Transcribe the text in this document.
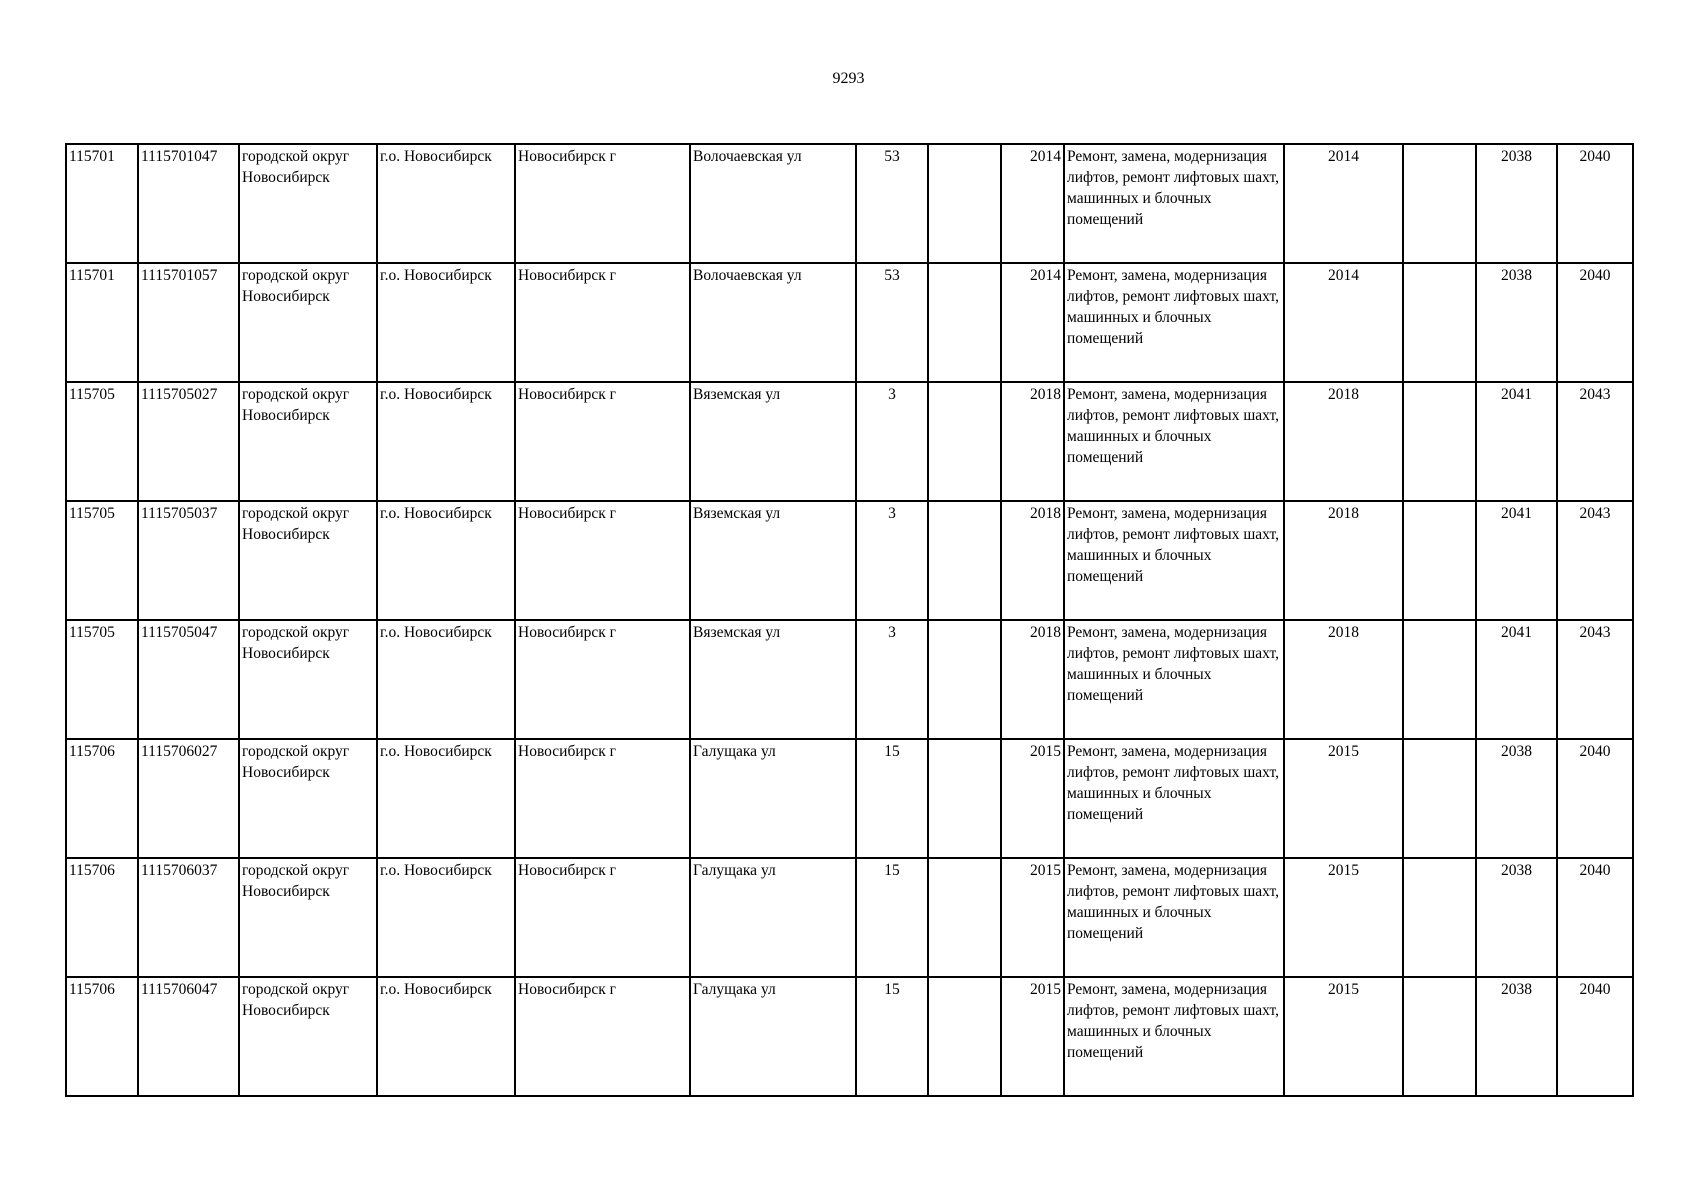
9293
115701	1115701047	городской округ Новосибирск	г.о. Новосибирск	Новосибирск г	Волочаевская ул	53		2014	Ремонт, замена, модернизация лифтов, ремонт лифтовых шахт, машинных и блочных помещений	2014		2038	2040
115701	1115701057	городской округ Новосибирск	г.о. Новосибирск	Новосибирск г	Волочаевская ул	53		2014	Ремонт, замена, модернизация лифтов, ремонт лифтовых шахт, машинных и блочных помещений	2014		2038	2040
115705	1115705027	городской округ Новосибирск	г.о. Новосибирск	Новосибирск г	Вяземская ул	3		2018	Ремонт, замена, модернизация лифтов, ремонт лифтовых шахт, машинных и блочных помещений	2018		2041	2043
115705	1115705037	городской округ Новосибирск	г.о. Новосибирск	Новосибирск г	Вяземская ул	3		2018	Ремонт, замена, модернизация лифтов, ремонт лифтовых шахт, машинных и блочных помещений	2018		2041	2043
115705	1115705047	городской округ Новосибирск	г.о. Новосибирск	Новосибирск г	Вяземская ул	3		2018	Ремонт, замена, модернизация лифтов, ремонт лифтовых шахт, машинных и блочных помещений	2018		2041	2043
115706	1115706027	городской округ Новосибирск	г.о. Новосибирск	Новосибирск г	Галущака ул	15		2015	Ремонт, замена, модернизация лифтов, ремонт лифтовых шахт, машинных и блочных помещений	2015		2038	2040
115706	1115706037	городской округ Новосибирск	г.о. Новосибирск	Новосибирск г	Галущака ул	15		2015	Ремонт, замена, модернизация лифтов, ремонт лифтовых шахт, машинных и блочных помещений	2015		2038	2040
115706	1115706047	городской округ Новосибирск	г.о. Новосибирск	Новосибирск г	Галущака ул	15		2015	Ремонт, замена, модернизация лифтов, ремонт лифтовых шахт, машинных и блочных помещений	2015		2038	2040
